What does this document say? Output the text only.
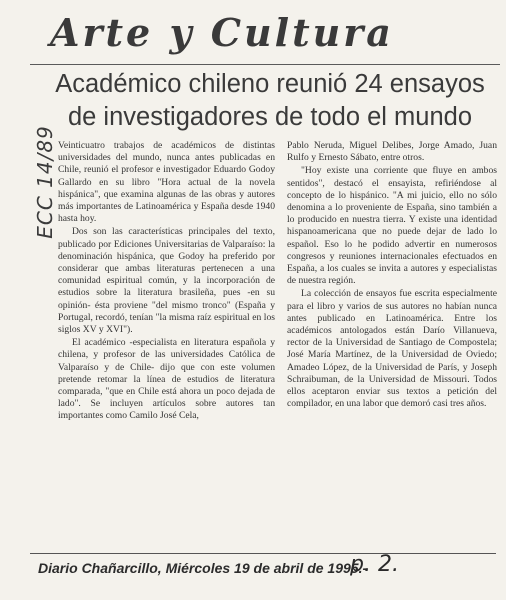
Arte y Cultura
Académico chileno reunió 24 ensayos
de investigadores de todo el mundo
ECC 14/89 Veinticuatro trabajos de académicos de distintas universidades del mundo, nunca antes publicadas en Chile, reunió el profesor e investigador Eduardo Godoy Gallardo en su libro "Hora actual de la novela hispánica", que examina algunas de las obras y autores más importantes de Latinoamérica y España desde 1940 hasta hoy.

Dos son las características principales del texto, publicado por Ediciones Universitarias de Valparaíso: la denominación hispánica, que Godoy ha preferido por considerar que ambas literaturas pertenecen a una comunidad espiritual común, y la incorporación de estudios sobre la literatura brasileña, pues -en su opinión- ésta proviene "del mismo tronco" (España y Portugal, recordó, tenían "la misma raíz espiritual en los siglos XV y XVI").

El académico -especialista en literatura española y chilena, y profesor de las universidades Católica de Valparaíso y de Chile- dijo que con este volumen pretende retomar la línea de estudios de literatura comparada, "que en Chile está ahora un poco dejada de lado". Se incluyen artículos sobre autores tan importantes como Camilo José Cela,

Pablo Neruda, Miguel Delibes, Jorge Amado, Juan Rulfo y Ernesto Sábato, entre otros.

"Hoy existe una corriente que fluye en ambos sentidos", destacó el ensayista, refiriéndose al concepto de lo hispánico. "A mi juicio, ello no sólo denomina a lo proveniente de España, sino también a lo producido en nuestra tierra. Y existe una identidad hispanoamericana que no puede dejar de lado lo español. Eso lo he podido advertir en numerosos congresos y reuniones internacionales efectuados en España, a los cuales se invita a autores y especialistas de nuestra región.

La colección de ensayos fue escrita especialmente para el libro y varios de sus autores no habían nunca antes publicado en Latinoamérica. Entre los académicos antologados están Darío Villanueva, rector de la Universidad de Santiago de Compostela; José María Martínez, de la Universidad de Oviedo; Amadeo López, de la Universidad de París, y Joseph Schraibuman, de la Universidad de Missouri. Todos ellos aceptaron enviar sus textos a petición del compilador, en una labor que demoró casi tres años.

Diario Chañarcillo, Miércoles 19 de abril de 1995.-
p. 2.
